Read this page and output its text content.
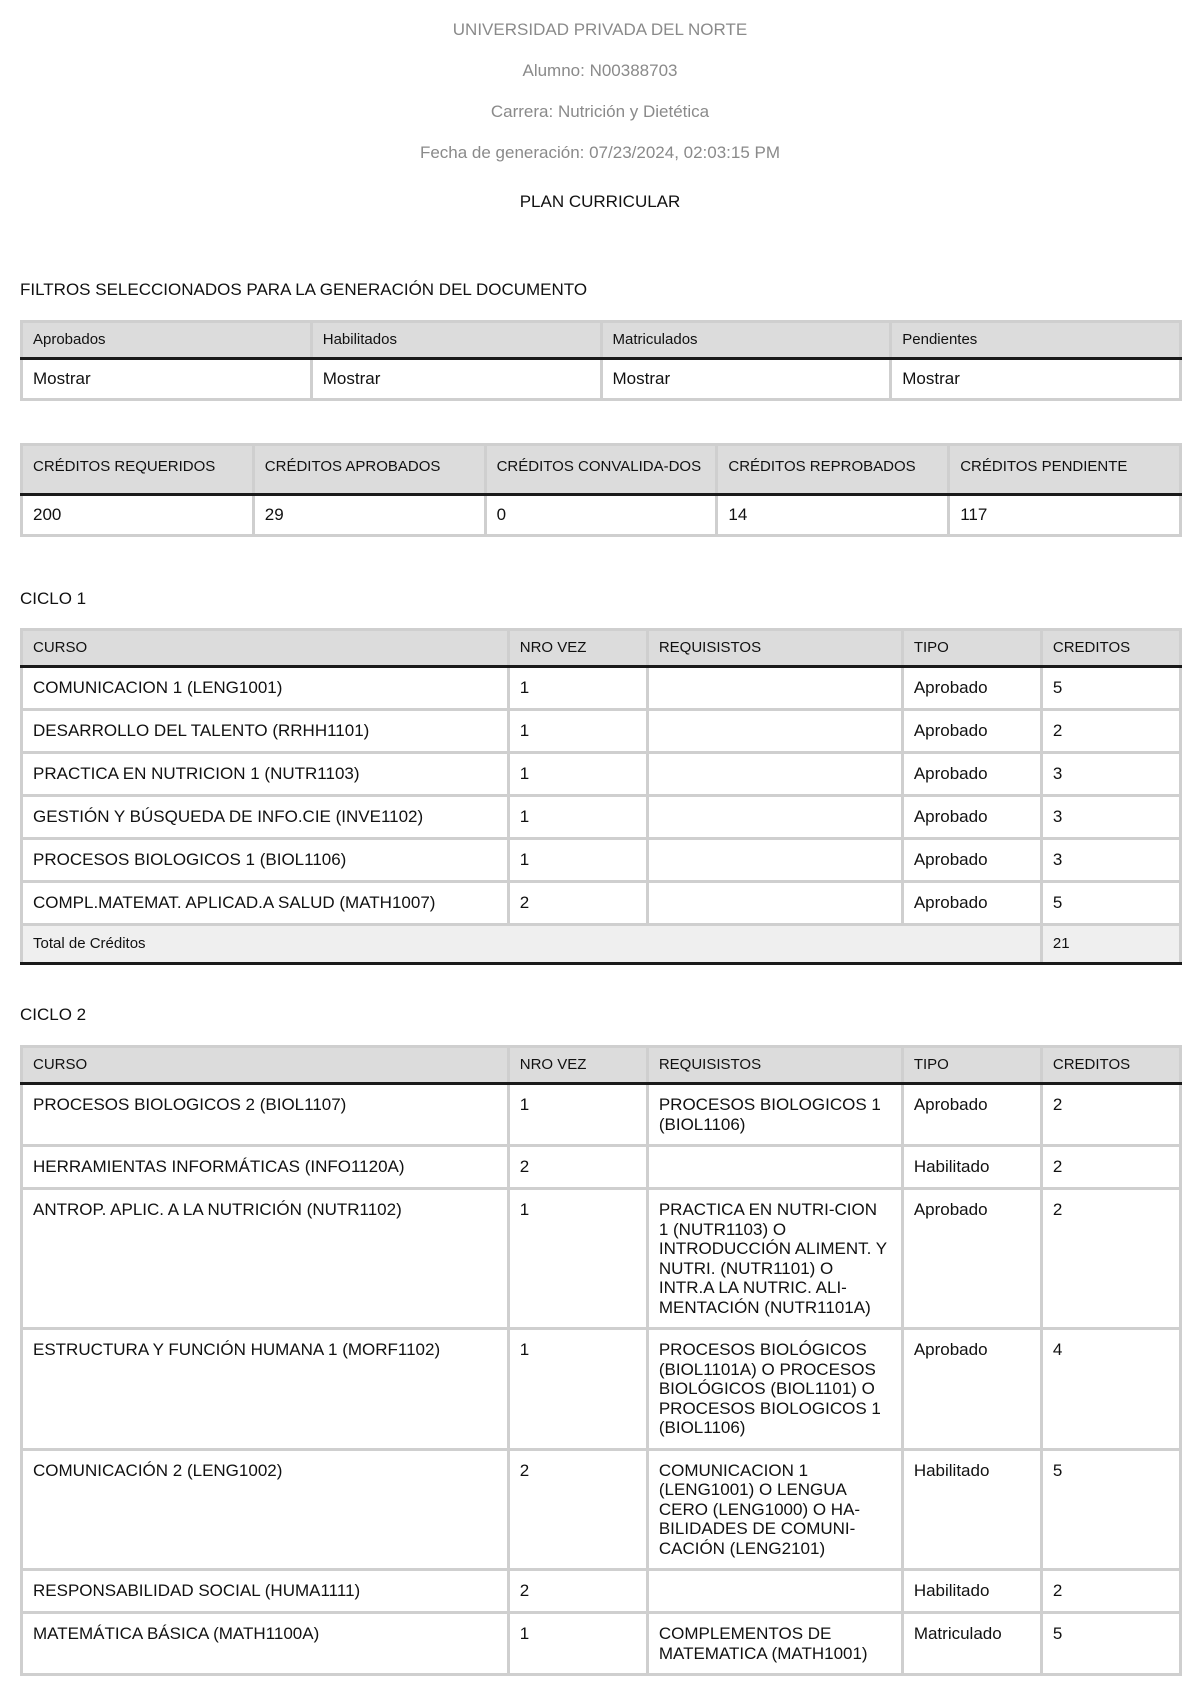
UNIVERSIDAD PRIVADA DEL NORTE
Alumno: N00388703
Carrera: Nutrición y Dietética
Fecha de generación: 07/23/2024, 02:03:15 PM
PLAN CURRICULAR
FILTROS SELECCIONADOS PARA LA GENERACIÓN DEL DOCUMENTO
Aprobados	Habilitados	Matriculados	Pendientes
Mostrar	Mostrar	Mostrar	Mostrar
CRÉDITOS REQUERIDOS	CRÉDITOS APROBADOS	CRÉDITOS CONVALIDA-DOS	CRÉDITOS REPROBADOS	CRÉDITOS PENDIENTE
200	29	0	14	117
CICLO 1
CURSO	NRO VEZ	REQUISISTOS	TIPO	CREDITOS
COMUNICACION 1 (LENG1001)	1		Aprobado	5
DESARROLLO DEL TALENTO (RRHH1101)	1		Aprobado	2
PRACTICA EN NUTRICION 1 (NUTR1103)	1		Aprobado	3
GESTIÓN Y BÚSQUEDA DE INFO.CIE (INVE1102)	1		Aprobado	3
PROCESOS BIOLOGICOS 1 (BIOL1106)	1		Aprobado	3
COMPL.MATEMAT. APLICAD.A SALUD (MATH1007)	2		Aprobado	5
Total de Créditos				21
CICLO 2
CURSO	NRO VEZ	REQUISISTOS	TIPO	CREDITOS
PROCESOS BIOLOGICOS 2 (BIOL1107)	1	PROCESOS BIOLOGICOS 1 (BIOL1106)	Aprobado	2
HERRAMIENTAS INFORMÁTICAS (INFO1120A)	2		Habilitado	2
ANTROP. APLIC. A LA NUTRICIÓN (NUTR1102)	1	PRACTICA EN NUTRI-CION 1 (NUTR1103) O INTRODUCCIÓN ALIMENT. Y NUTRI. (NUTR1101) O INTR.A LA NUTRIC. ALI-MENTACIÓN (NUTR1101A)	Aprobado	2
ESTRUCTURA Y FUNCIÓN HUMANA 1 (MORF1102)	1	PROCESOS BIOLÓGICOS (BIOL1101A) O PROCESOS BIOLÓGICOS (BIOL1101) O PROCESOS BIOLOGICOS 1 (BIOL1106)	Aprobado	4
COMUNICACIÓN 2 (LENG1002)	2	COMUNICACION 1 (LENG1001) O LENGUA CERO (LENG1000) O HA-BILIDADES DE COMUNI-CACIÓN (LENG2101)	Habilitado	5
RESPONSABILIDAD SOCIAL (HUMA1111)	2		Habilitado	2
MATEMÁTICA BÁSICA (MATH1100A)	1	COMPLEMENTOS DE MATEMATICA (MATH1001)	Matriculado	5
